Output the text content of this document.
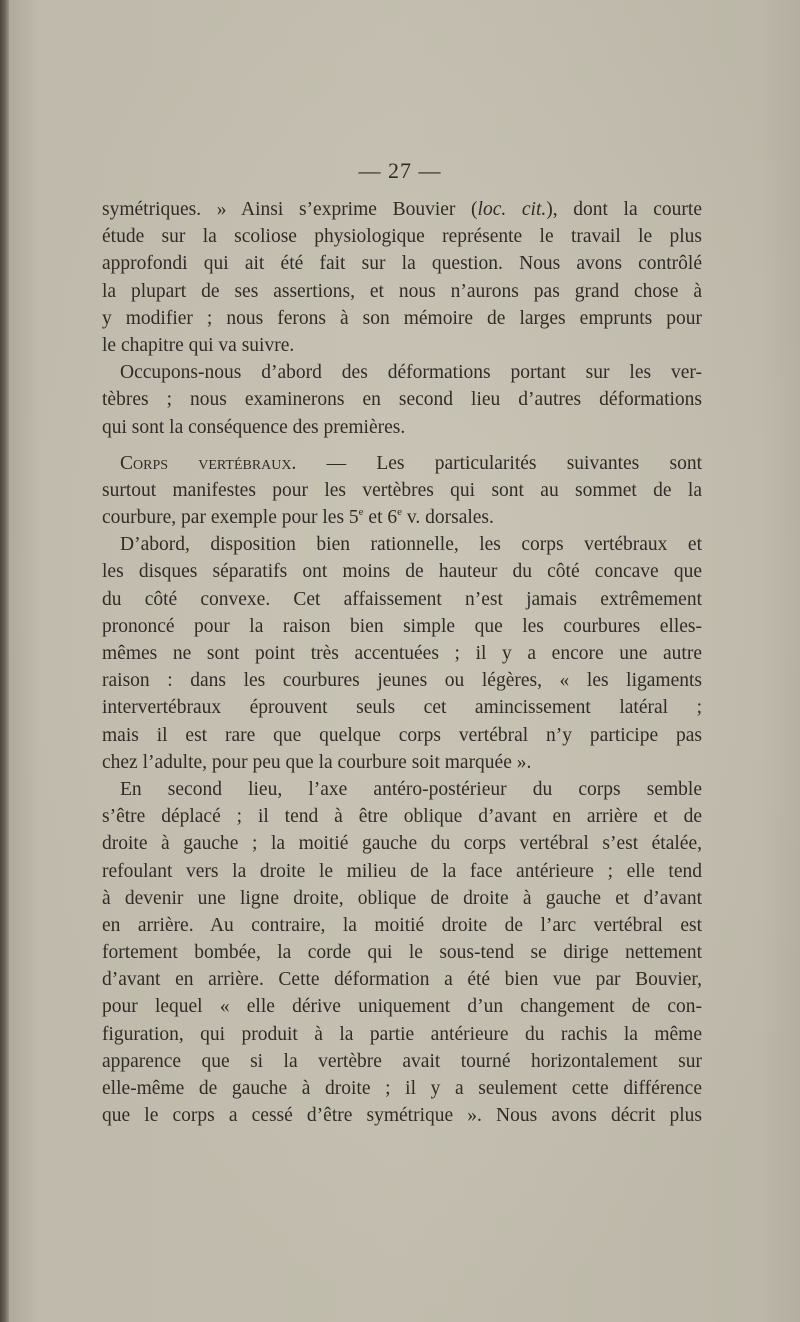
— 27 —
symétriques. » Ainsi s’exprime Bouvier (loc. cit.), dont la courte
étude sur la scoliose physiologique représente le travail le plus
approfondi qui ait été fait sur la question. Nous avons contrôlé
la plupart de ses assertions, et nous n’aurons pas grand chose à
y modifier ; nous ferons à son mémoire de larges emprunts pour
le chapitre qui va suivre.
Occupons-nous d’abord des déformations portant sur les ver-
tèbres ; nous examinerons en second lieu d’autres déformations
qui sont la conséquence des premières.
Corps vertébraux. — Les particularités suivantes sont
surtout manifestes pour les vertèbres qui sont au sommet de la
courbure, par exemple pour les 5e et 6e v. dorsales.
D’abord, disposition bien rationnelle, les corps vertébraux et
les disques séparatifs ont moins de hauteur du côté concave que
du côté convexe. Cet affaissement n’est jamais extrêmement
prononcé pour la raison bien simple que les courbures elles-
mêmes ne sont point très accentuées ; il y a encore une autre
raison : dans les courbures jeunes ou légères, « les ligaments
intervertébraux éprouvent seuls cet amincissement latéral ;
mais il est rare que quelque corps vertébral n’y participe pas
chez l’adulte, pour peu que la courbure soit marquée ».
En second lieu, l’axe antéro-postérieur du corps semble
s’être déplacé ; il tend à être oblique d’avant en arrière et de
droite à gauche ; la moitié gauche du corps vertébral s’est étalée,
refoulant vers la droite le milieu de la face antérieure ; elle tend
à devenir une ligne droite, oblique de droite à gauche et d’avant
en arrière. Au contraire, la moitié droite de l’arc vertébral est
fortement bombée, la corde qui le sous-tend se dirige nettement
d’avant en arrière. Cette déformation a été bien vue par Bouvier,
pour lequel « elle dérive uniquement d’un changement de con-
figuration, qui produit à la partie antérieure du rachis la même
apparence que si la vertèbre avait tourné horizontalement sur
elle-même de gauche à droite ; il y a seulement cette différence
que le corps a cessé d’être symétrique ». Nous avons décrit plus
